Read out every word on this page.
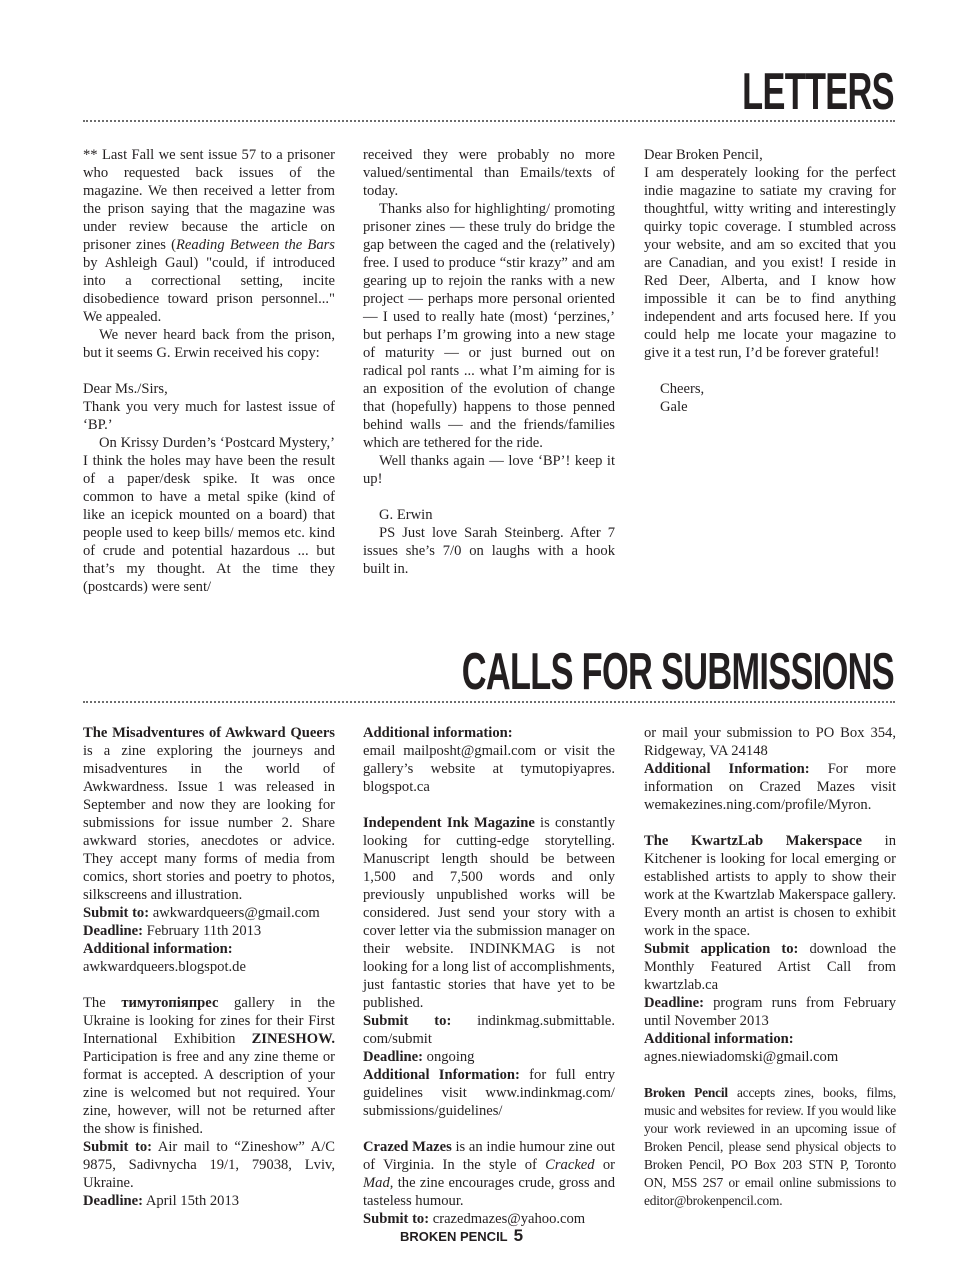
LETTERS

** Last Fall we sent issue 57 to a prisoner who requested back issues of the magazine. We then received a letter from the prison saying that the magazine was under review because the article on prisoner zines (Reading Between the Bars by Ashleigh Gaul) "could, if introduced into a correctional setting, incite disobedience toward prison personnel..." We appealed.

We never heard back from the prison, but it seems G. Erwin received his copy:

Dear Ms./Sirs,

Thank you very much for lastest issue of ‘BP.’

On Krissy Durden’s ‘Postcard Mystery,’ I think the holes may have been the result of a paper/desk spike. It was once common to have a metal spike (kind of like an icepick mounted on a board) that people used to keep bills/ memos etc. kind of crude and potential hazardous ... but that’s my thought. At the time they (postcards) were sent/

received they were probably no more valued/sentimental than Emails/texts of today.

Thanks also for highlighting/ promoting prisoner zines — these truly do bridge the gap between the caged and the (relatively) free. I used to produce “stir krazy” and am gearing up to rejoin the ranks with a new project — perhaps more personal oriented — I used to really hate (most) ‘perzines,’ but perhaps I’m growing into a new stage of maturity — or just burned out on radical pol rants ... what I’m aiming for is an exposition of the evolution of change that (hopefully) happens to those penned behind walls — and the friends/families which are tethered for the ride.

Well thanks again — love ‘BP’! keep it up!

G. Erwin

PS Just love Sarah Steinberg. After 7 issues she’s 7/0 on laughs with a hook built in.

Dear Broken Pencil,

I am desperately looking for the perfect indie magazine to satiate my craving for thoughtful, witty writing and interestingly quirky topic coverage. I stumbled across your website, and am so excited that you are Canadian, and you exist! I reside in Red Deer, Alberta, and I know how impossible it can be to find anything independent and arts focused here. If you could help me locate your magazine to give it a test run, I’d be forever grateful!

Cheers,

Gale

CALLS FOR SUBMISSIONS

The Misadventures of Awkward Queers is a zine exploring the journeys and misadventures in the world of Awkwardness. Issue 1 was released in September and now they are looking for submissions for issue number 2. Share awkward stories, anecdotes or advice. They accept many forms of media from comics, short stories and poetry to photos, silkscreens and illustration.

Submit to: awkwardqueers@gmail.com

Deadline: February 11th 2013

Additional information:

awkwardqueers.blogspot.de

The тимутопіяпрес gallery in the Ukraine is looking for zines for their First International Exhibition ZINESHOW. Participation is free and any zine theme or format is accepted. A description of your zine is welcomed but not required. Your zine, however, will not be returned after the show is finished.

Submit to: Air mail to “Zineshow” A/C 9875, Sadivnycha 19/1, 79038, Lviv, Ukraine.

Deadline: April 15th 2013

Additional information:

email mailposht@gmail.com or visit the gallery’s website at tymutopiyapres. blogspot.ca

Independent Ink Magazine is constantly looking for cutting-edge storytelling. Manuscript length should be between 1,500 and 7,500 words and only previously unpublished works will be considered. Just send your story with a cover letter via the submission manager on their website. INDINKMAG is not looking for a long list of accomplishments, just fantastic stories that have yet to be published.

Submit to: indinkmag.submittable. com/submit

Deadline: ongoing

Additional Information: for full entry guidelines visit www.indinkmag.com/ submissions/guidelines/

Crazed Mazes is an indie humour zine out of Virginia. In the style of Cracked or Mad, the zine encourages crude, gross and tasteless humour.

Submit to: crazedmazes@yahoo.com

or mail your submission to PO Box 354, Ridgeway, VA 24148

Additional Information: For more information on Crazed Mazes visit wemakezines.ning.com/profile/Myron.

The KwartzLab Makerspace in Kitchener is looking for local emerging or established artists to apply to show their work at the Kwartzlab Makerspace gallery. Every month an artist is chosen to exhibit work in the space.

Submit application to: download the Monthly Featured Artist Call from kwartzlab.ca

Deadline: program runs from February until November 2013

Additional information:

agnes.niewiadomski@gmail.com

Broken Pencil accepts zines, books, films, music and websites for review. If you would like your work reviewed in an upcoming issue of Broken Pencil, please send physical objects to Broken Pencil, PO Box 203 STN P, Toronto ON, M5S 2S7 or email online submissions to editor@brokenpencil.com.

BROKEN PENCIL 5
